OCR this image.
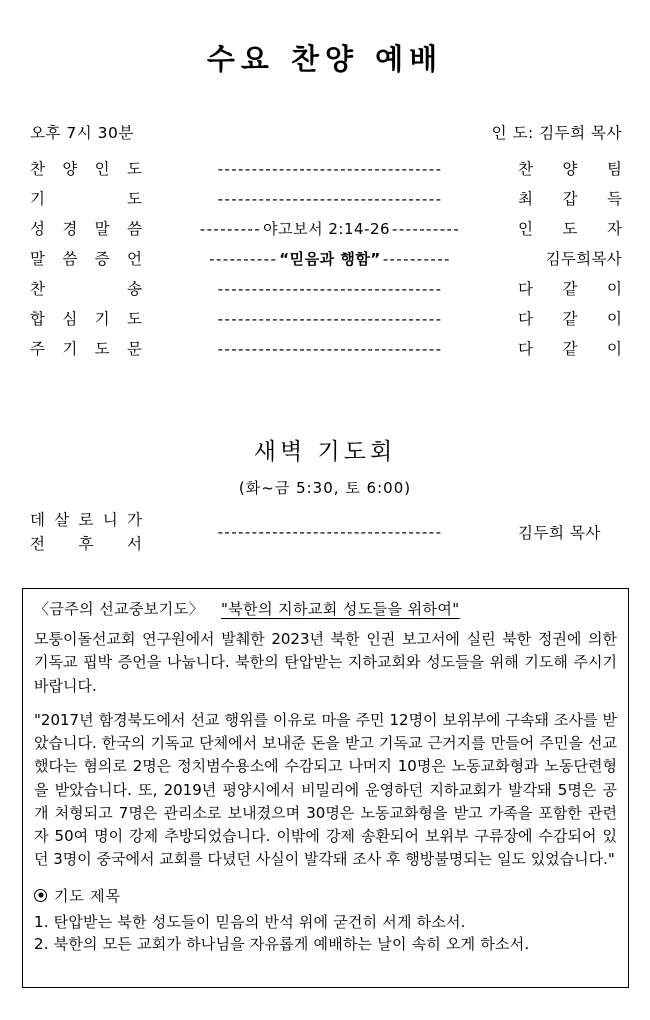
수요 찬양 예배
오후 7시 30분	인 도: 김두희 목사
찬 양 인 도	---------------------------------	찬 양 팀
기	도	---------------------------------	최 갑 득
성 경 말 씀	--------- 야고보서 2:14-26 ----------	인 도 자
말 씀 증 언	---------- “믿음과 행함” ----------	김두희목사
찬	송	---------------------------------	다 같 이
합 심 기 도	---------------------------------	다 같 이
주 기 도 문	---------------------------------	다 같 이
새벽 기도회
(화~금 5:30, 토 6:00)
데 살 로 니 가
전 후 서
---------------------------------	김두희 목사
〈금주의 선교중보기도〉 "북한의 지하교회 성도들을 위하여"

모퉁이돌선교회 연구원에서 발췌한 2023년 북한 인권 보고서에 실린 북한 정권에 의한 기독교 핍박 증언을 나눕니다. 북한의 탄압받는 지하교회와 성도들을 위해 기도해 주시기 바랍니다.

"2017년 함경북도에서 선교 행위를 이유로 마을 주민 12명이 보위부에 구속돼 조사를 받았습니다. 한국의 기독교 단체에서 보내준 돈을 받고 기독교 근거지를 만들어 주민을 선교했다는 혐의로 2명은 정치범수용소에 수감되고 나머지 10명은 노동교화형과 노동단련형을 받았습니다. 또, 2019년 평양시에서 비밀리에 운영하던 지하교회가 발각돼 5명은 공개 처형되고 7명은 관리소로 보내졌으며 30명은 노동교화형을 받고 가족을 포함한 관련자 50여 명이 강제 추방되었습니다. 이밖에 강제 송환되어 보위부 구류장에 수감되어 있던 3명이 중국에서 교회를 다녔던 사실이 발각돼 조사 후 행방불명되는 일도 있었습니다."

기도 제목
1. 탄압받는 북한 성도들이 믿음의 반석 위에 굳건히 서게 하소서.
2. 북한의 모든 교회가 하나님을 자유롭게 예배하는 날이 속히 오게 하소서.
